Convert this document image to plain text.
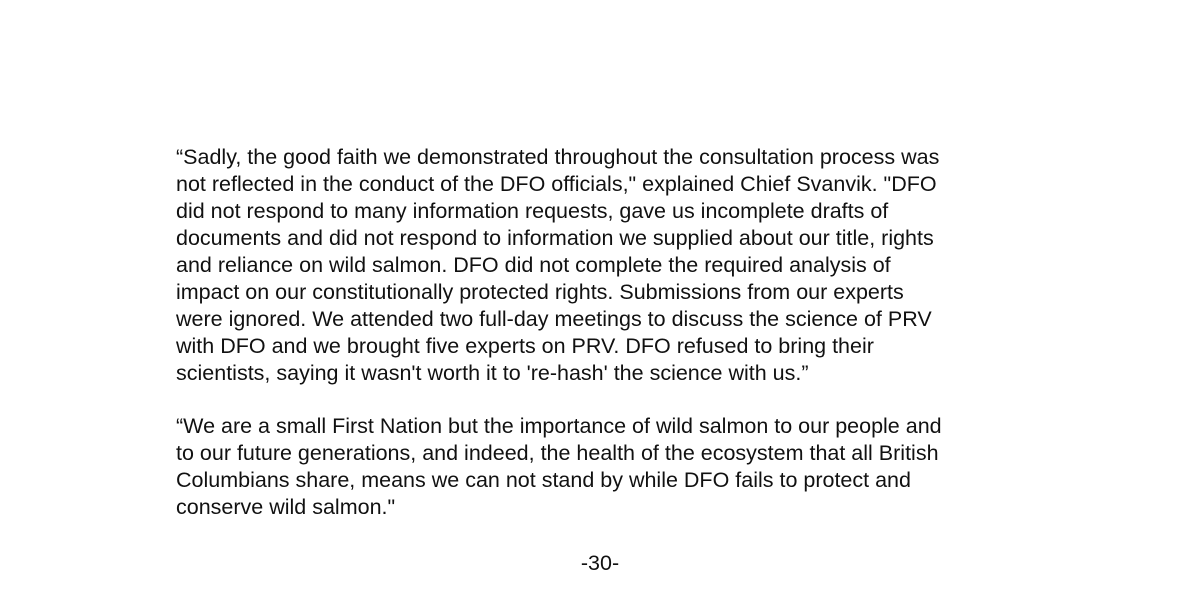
“Sadly, the good faith we demonstrated throughout the consultation process was

not reflected in the conduct of the DFO officials," explained Chief Svanvik. "DFO

did not respond to many information requests, gave us incomplete drafts of

documents and did not respond to information we supplied about our title, rights

and reliance on wild salmon. DFO did not complete the required analysis of

impact on our constitutionally protected rights. Submissions from our experts

were ignored. We attended two full-day meetings to discuss the science of PRV

with DFO and we brought five experts on PRV. DFO refused to bring their

scientists, saying it wasn't worth it to 're-hash' the science with us.”

“We are a small First Nation but the importance of wild salmon to our people and

to our future generations, and indeed, the health of the ecosystem that all British

Columbians share, means we can not stand by while DFO fails to protect and

conserve wild salmon."

-30-
